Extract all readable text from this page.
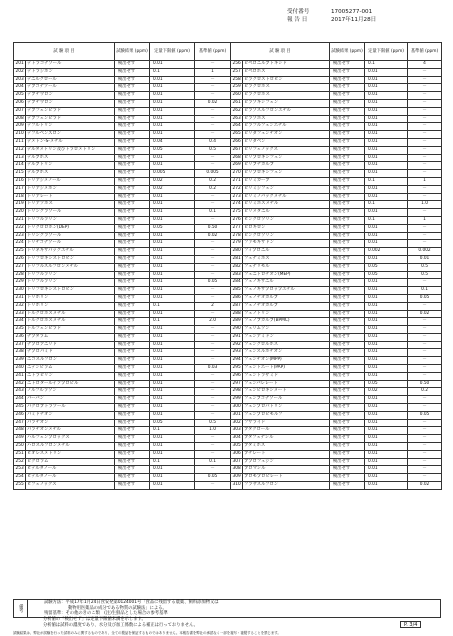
受付番号	17005277-001
報 告 日	2017年11月28日
試 験 項 目		試験結果 (ppm)	定量下限値 (ppm)	基準値 (ppm)
201	テトラコナゾール	検出せず	0.01	－
202	テトラジホン	検出せず	0.1	1
203	テニルクロール	検出せず	0.01	－
204	テブコナゾール	検出せず	0.01	－
205	テブチウロン	検出せず	0.01	－
206	テブチウロン	検出せず	0.01	0.02
207	テブフェンピラド	検出せず	0.01	－
208	テブフェンピラド	検出せず	0.01	－
209	テフルトリン	検出せず	0.01	－
210	テフルベンズロン	検出せず	0.01	－
211	デメトン-S-メチル	検出せず	0.04	0.4
212	デルタメトリン及びトラロメトリン	検出せず	0.05	0.5
213	テルブホス	検出せず	0.01	－
214	テルブトリン	検出せず	0.01	－
215	テルブホス	検出せず	0.005	0.005
216	トリアジメノール	検出せず	0.02	0.2
217	トリアジメホン	検出せず	0.02	0.2
218	トリアレート	検出せず	0.01	－
219	トリアゾホス	検出せず	0.01	－
220	トリシクラゾール	検出せず	0.01	0.1
221	トリフルラリン	検出せず	0.01	－
222	トリクロロホン(DEP)	検出せず	0.05	0.50
223	トリシクラゾール	検出せず	0.01	0.02
224	トリチコナゾール	検出せず	0.01	－
225	トリネキサパックエチル	検出せず	0.01	－
226	トリフロキシストロビン	検出せず	0.01	－
227	トリフルスルフロンメチル	検出せず	0.01	－
228	トリフルラリン	検出せず	0.01	－
229	トリフルラリン	検出せず	0.01	0.05
230	トリフロキシストロビン	検出せず	0.01	－
231	トリホリン	検出せず	0.01	－
232	トリホリン	検出せず	0.1	2
233	トルクロホスメチル	検出せず	0.01	－
234	トルクロホスメチル	検出せず	0.1	2.0
235	トルフェンピラド	検出せず	0.01	－
236	ナプタラム	検出せず	0.01	－
237	ナプロアニリド	検出せず	0.01	－
238	ナプロパミド	検出せず	0.01	－
239	ニコスルフロン	検出せず	0.01	－
240	ニテンピラム	検出せず	0.01	0.03
241	ニトラピリン	検出せず	0.01	－
242	ニトロタールイソプロピル	検出せず	0.01	－
243	ノルフルラゾン	検出せず	0.01	－
244	バーバン	検出せず	0.01	－
245	パクロブトラゾール	検出せず	0.01	－
246	パミドチオン	検出せず	0.01	－
247	パラチオン	検出せず	0.05	0.5
248	パラチオンメチル	検出せず	0.1	1.0
249	ハルフェンプロックス	検出せず	0.01	－
250	ハロスルフロンメチル	検出せず	0.01	－
251	ビオレスメトリン	検出せず	0.01	－
252	ピクロラム	検出せず	0.1	0.1
253	ビテルタノール	検出せず	0.01	－
254	ビテルタノール	検出せず	0.01	0.05
255	ビフェノックス	検出せず	0.01	－
試 験 項 目		試験結果 (ppm)	定量下限値 (ppm)	基準値 (ppm)
256	ピペロニルブトキシド	検出せず	0.1	4
257	ピペロホス	検出せず	0.01	－
258	ピラクロストロビン	検出せず	0.01	－
259	ピラクロホス	検出せず	0.01	－
260	ピラクロホス	検出せず	0.01	－
261	ピラゾキシフェン	検出せず	0.01	－
262	ピラゾスルフロンエチル	検出せず	0.01	－
263	ピラゾホス	検出せず	0.01	－
264	ピラフルフェンエチル	検出せず	0.01	－
265	ピリダフェンチオン	検出せず	0.01	－
266	ピリダベン	検出せず	0.01	－
267	ピリフェノックス	検出せず	0.01	－
268	ピリプロキシフェン	検出せず	0.01	－
269	ピリブチカルブ	検出せず	0.01	－
270	ピリプロキシフェン	検出せず	0.01	－
271	ピリミカーブ	検出せず	0.1	1
272	ピリミジフェン	検出せず	0.01	－
273	ピリミノバックメチル	検出せず	0.01	－
274	ピリミホスメチル	検出せず	0.1	1.0
275	ピリメタニル	検出せず	0.01	－
276	ビンクロゾリン	検出せず	0.1	1
277	ピロキロン	検出せず	0.01	－
278	ピンクロゾリン	検出せず	0.01	－
279	ファモキサドン	検出せず	0.01	－
280	フィプロニル	検出せず	0.002	0.002
281	フェナミホス	検出せず	0.01	0.01
282	フェナリモル	検出せず	0.05	0.5
283	フェニトロチオン(MEP)	検出せず	0.05	0.5
284	フェノキサニル	検出せず	0.01	－
285	フェノキサプロップエチル	検出せず	0.01	0.1
286	フェノチオカルブ	検出せず	0.01	0.05
287	フェノチオカルブ	検出せず	0.01	－
288	フェノトリン	検出せず	0.01	0.02
289	フェノブカルブ(BPMC)	検出せず	0.01	－
290	フェリムゾン	検出せず	0.01	－
291	フェンアミドン	検出せず	0.01	－
292	フェンクロルホス	検出せず	0.01	－
293	フェンスルホチオン	検出せず	0.01	－
294	フェンチオン(MPP)	検出せず	0.01	－
295	フェントエート(PAP)	検出せず	0.01	－
296	フェントラザミド	検出せず	0.01	－
297	フェンバレレート	検出せず	0.05	0.50
298	フェンピロキシメート	検出せず	0.02	0.2
299	フェンブコナゾール	検出せず	0.01	－
300	フェンプロパトリン	検出せず	0.01	－
301	フェンプロピモルフ	検出せず	0.01	0.05
302	フサライド	検出せず	0.01	－
303	ブタクロール	検出せず	0.01	－
304	ブタフェナシル	検出せず	0.01	－
305	ブタミホス	検出せず	0.01	－
306	ブチレート	検出せず	0.01	－
307	ブプロフェジン	検出せず	0.01	－
308	ブロマシル	検出せず	0.01	－
309	ブロモプロピレート	検出せず	0.01	－
310	フラザスルフロン	検出せず	0.01	0.02
備考
試験方法：平成17年1月24日食安発第0124001号「食品に残留する農薬、飼料添加物又は
動物用医薬品の成分である物質の試験法」による。
残留基準：その他のきのこ類　(注)生鮮品とした場合の参考基準
分析値の「検出せず」は定量下限値未満を示します。
分析値は試料の濃度であり、水分及び加工係数による補正は行っておりません。	P. 3/4
試験結果は、弊社が試験を行った試料のみに関するものであり、全ての製品を保証するものではありません。本報告書を弊社の承認なく一部を複写・複製することを禁じます。
